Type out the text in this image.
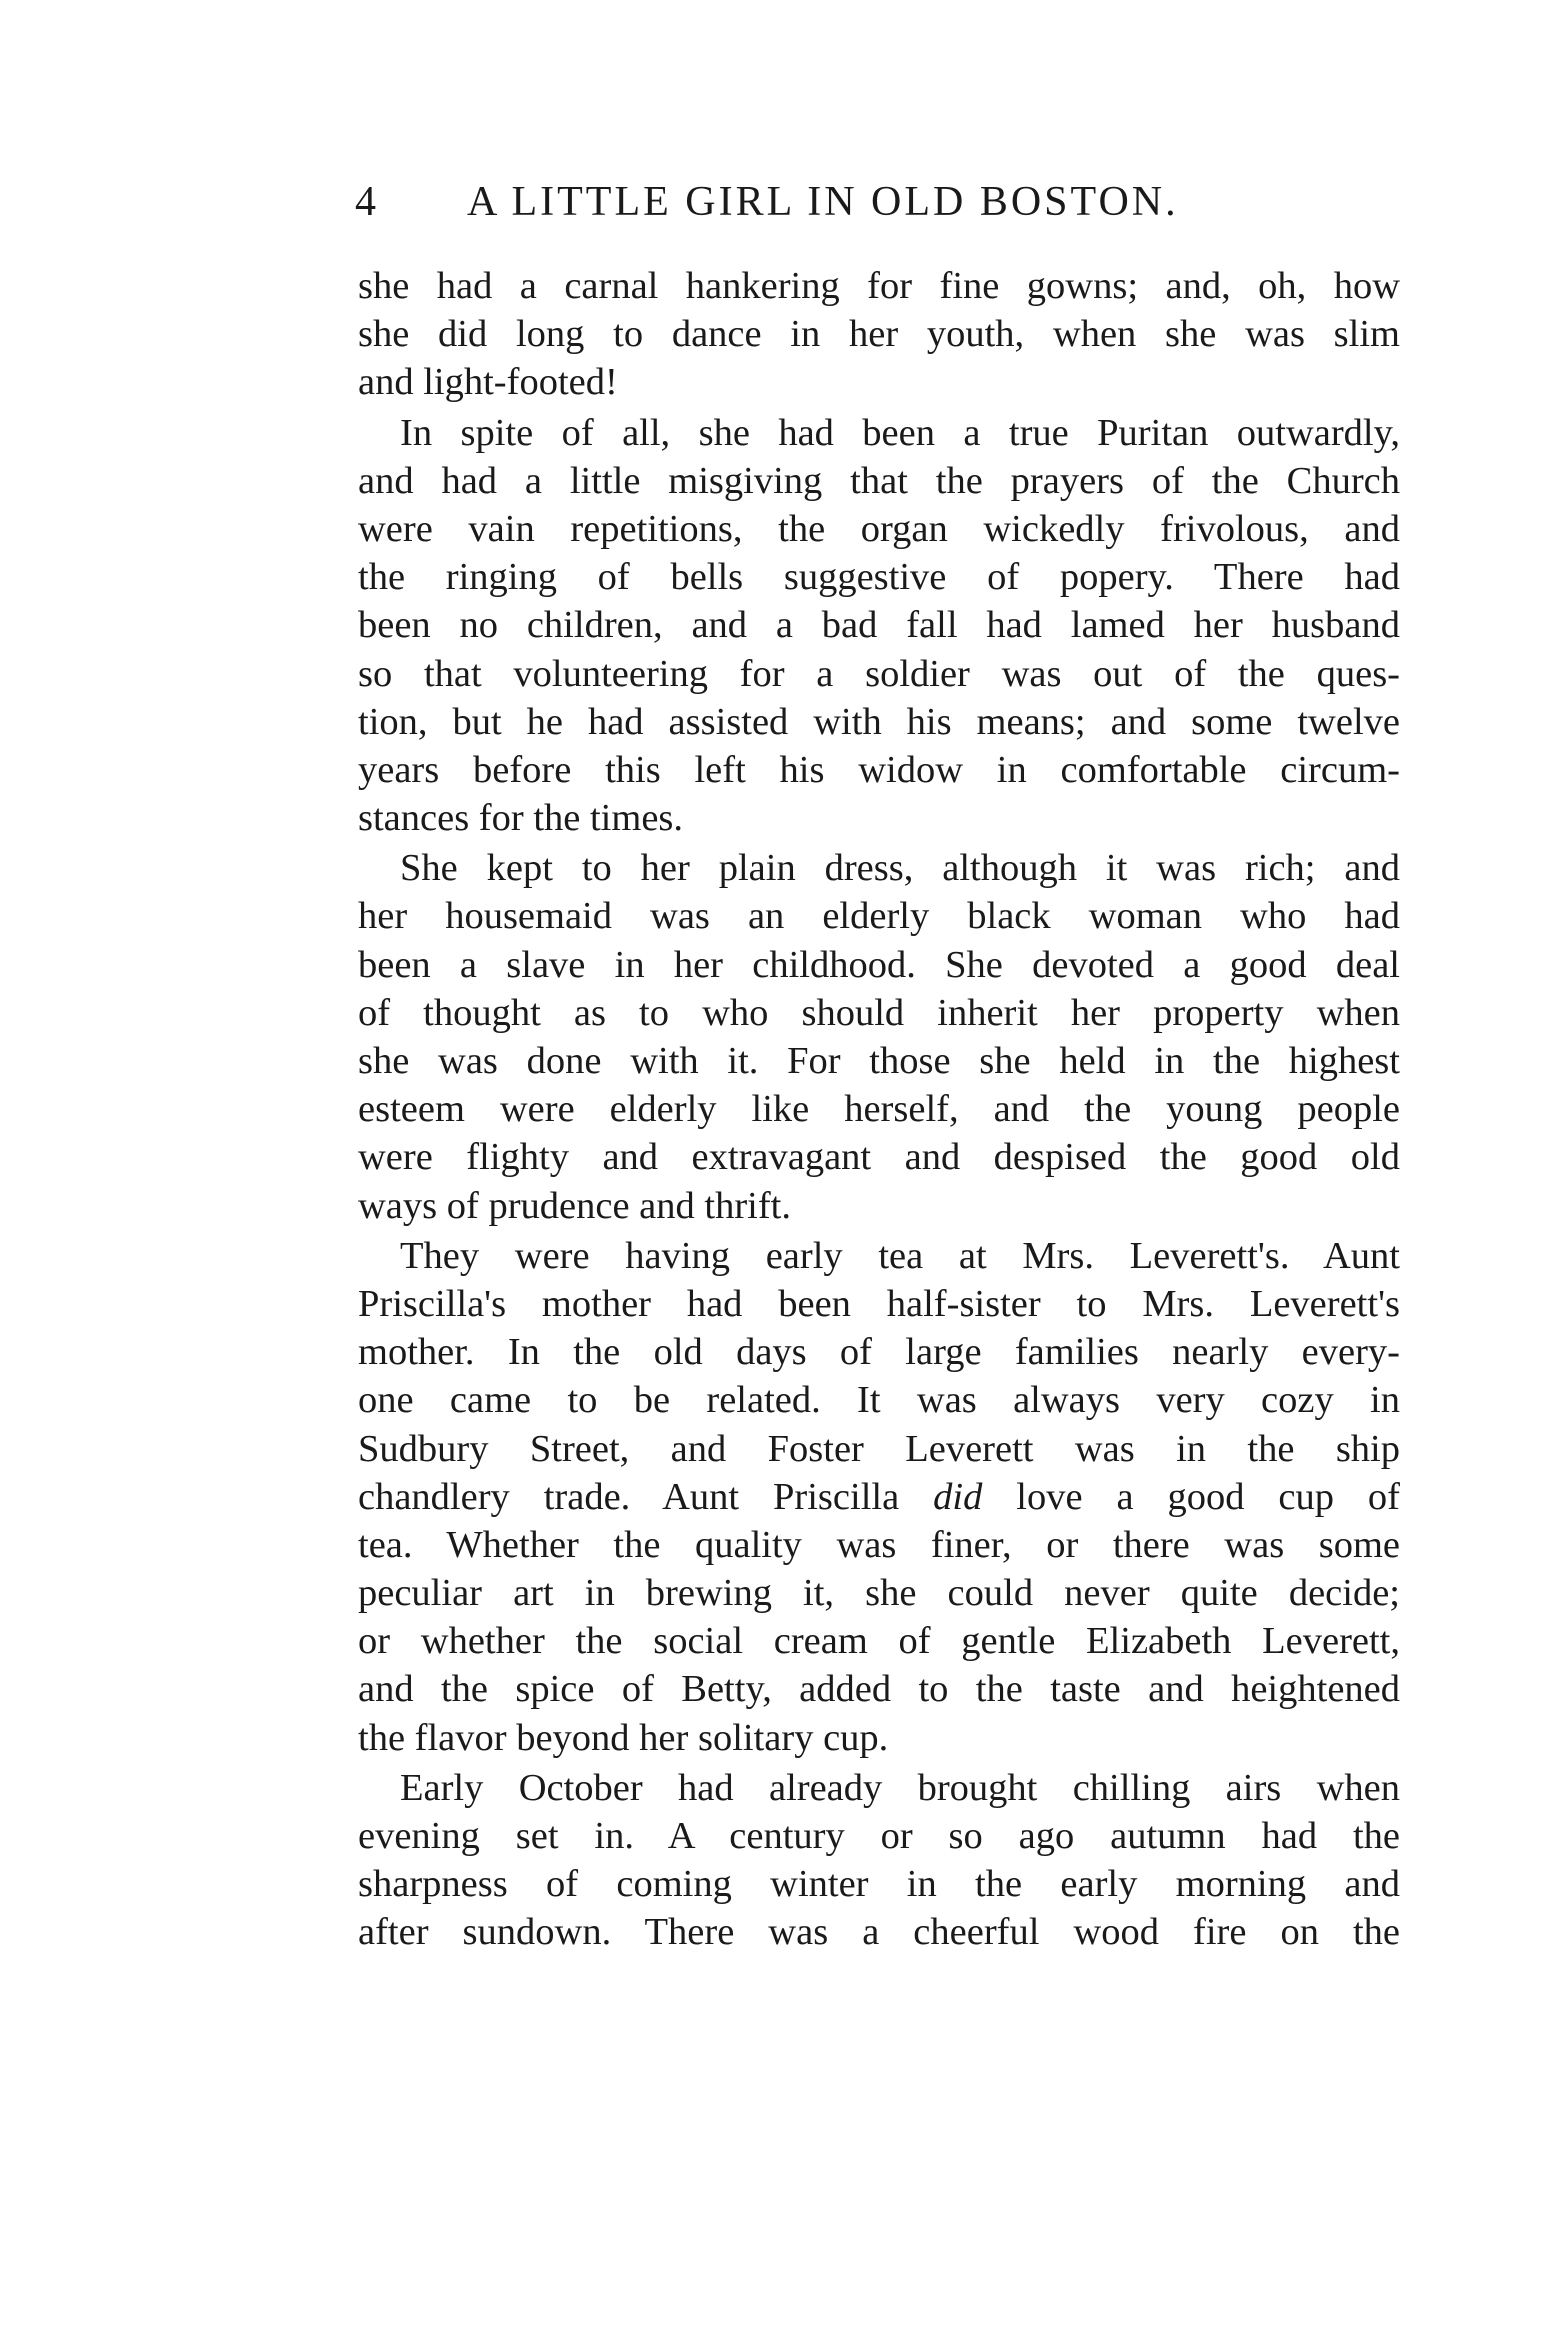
4 A LITTLE GIRL IN OLD BOSTON.
she had a carnal hankering for fine gowns; and, oh, how
she did long to dance in her youth, when she was slim
and light-footed!
In spite of all, she had been a true Puritan outwardly,
and had a little misgiving that the prayers of the Church
were vain repetitions, the organ wickedly frivolous, and
the ringing of bells suggestive of popery. There had
been no children, and a bad fall had lamed her husband
so that volunteering for a soldier was out of the ques-
tion, but he had assisted with his means; and some twelve
years before this left his widow in comfortable circum-
stances for the times.
She kept to her plain dress, although it was rich; and
her housemaid was an elderly black woman who had
been a slave in her childhood. She devoted a good deal
of thought as to who should inherit her property when
she was done with it. For those she held in the highest
esteem were elderly like herself, and the young people
were flighty and extravagant and despised the good old
ways of prudence and thrift.
They were having early tea at Mrs. Leverett's. Aunt
Priscilla's mother had been half-sister to Mrs. Leverett's
mother. In the old days of large families nearly every-
one came to be related. It was always very cozy in
Sudbury Street, and Foster Leverett was in the ship
chandlery trade. Aunt Priscilla did love a good cup of
tea. Whether the quality was finer, or there was some
peculiar art in brewing it, she could never quite decide;
or whether the social cream of gentle Elizabeth Leverett,
and the spice of Betty, added to the taste and heightened
the flavor beyond her solitary cup.
Early October had already brought chilling airs when
evening set in. A century or so ago autumn had the
sharpness of coming winter in the early morning and
after sundown. There was a cheerful wood fire on the
